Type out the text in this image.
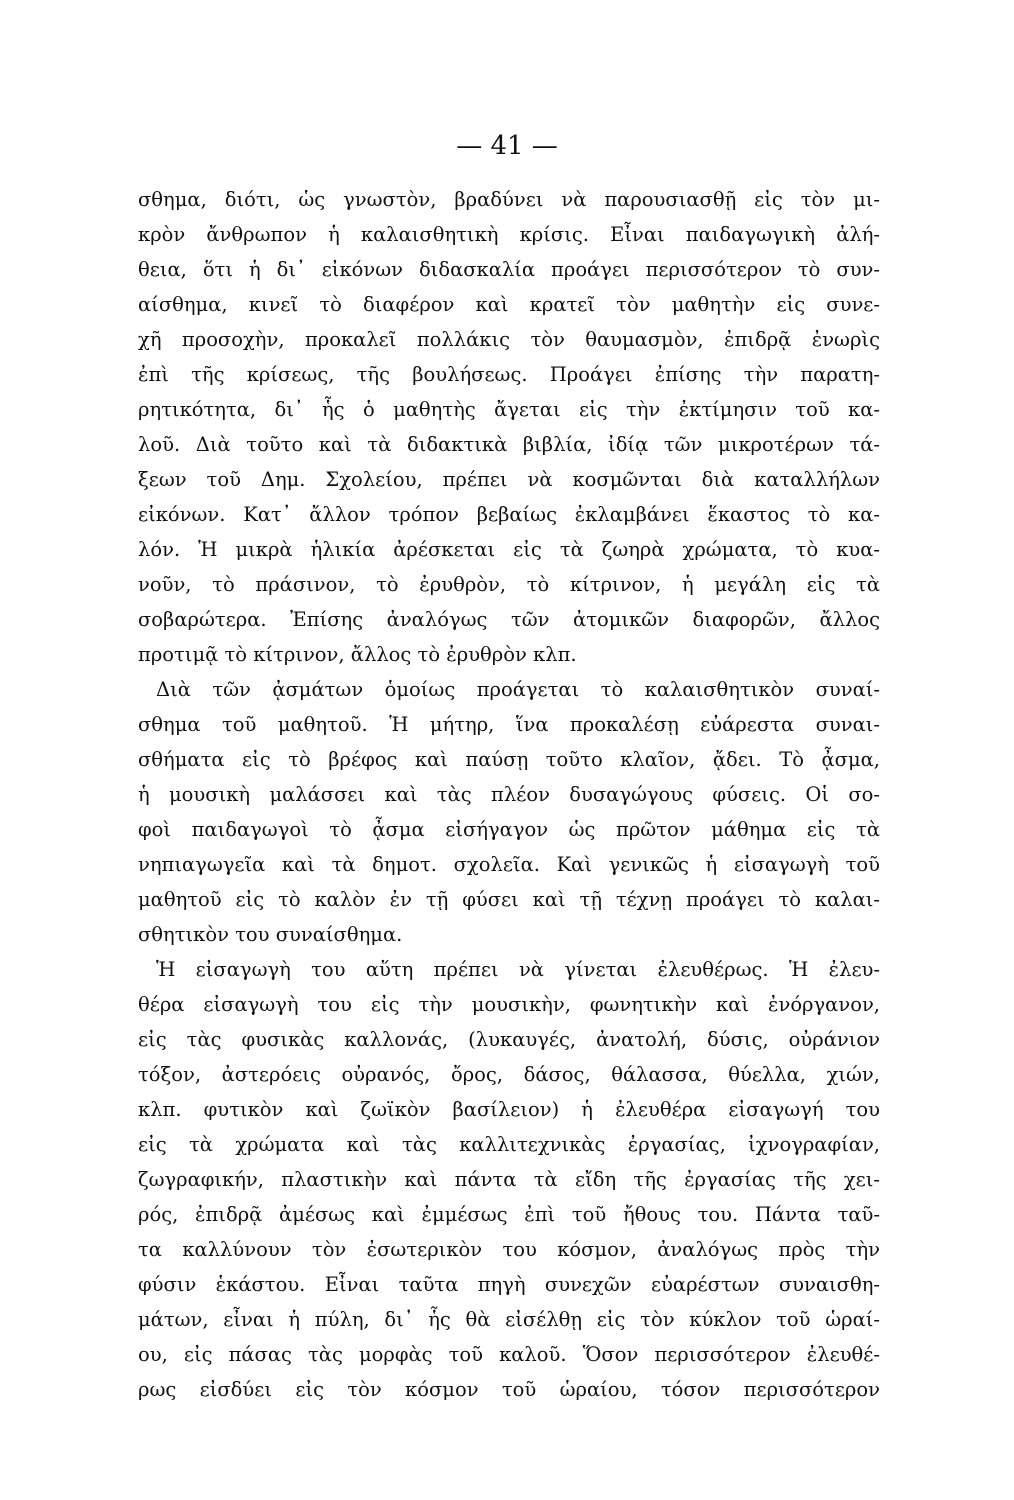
— 41 —
σθημα, διότι, ὡς γνωστὸν, βραδύνει νὰ παρουσιασθῇ εἰς τὸν μι-
κρὸν ἄνθρωπον ἡ καλαισθητικὴ κρίσις. Εἶναι παιδαγωγικὴ ἀλή-
θεια, ὅτι ἡ δι᾽ εἰκόνων διδασκαλία προάγει περισσότερον τὸ συν-
αίσθημα, κινεῖ τὸ διαφέρον καὶ κρατεῖ τὸν μαθητὴν εἰς συνε-
χῆ προσοχὴν, προκαλεῖ πολλάκις τὸν θαυμασμὸν, ἐπιδρᾷ ἐνωρὶς
ἐπὶ τῆς κρίσεως, τῆς βουλήσεως. Προάγει ἐπίσης τὴν παρατη-
ρητικότητα, δι᾽ ἧς ὁ μαθητὴς ἄγεται εἰς τὴν ἐκτίμησιν τοῦ κα-
λοῦ. Διὰ τοῦτο καὶ τὰ διδακτικὰ βιβλία, ἰδίᾳ τῶν μικροτέρων τά-
ξεων τοῦ Δημ. Σχολείου, πρέπει νὰ κοσμῶνται διὰ καταλλήλων
εἰκόνων. Κατ᾽ ἄλλον τρόπον βεβαίως ἐκλαμβάνει ἕκαστος τὸ κα-
λόν. Ἡ μικρὰ ἡλικία ἀρέσκεται εἰς τὰ ζωηρὰ χρώματα, τὸ κυα-
νοῦν, τὸ πράσινον, τὸ ἐρυθρὸν, τὸ κίτρινον, ἡ μεγάλη εἰς τὰ
σοβαρώτερα. Ἐπίσης ἀναλόγως τῶν ἀτομικῶν διαφορῶν, ἄλλος
προτιμᾷ τὸ κίτρινον, ἄλλος τὸ ἐρυθρὸν κλπ.
Διὰ τῶν ᾀσμάτων ὁμοίως προάγεται τὸ καλαισθητικὸν συναί-
σθημα τοῦ μαθητοῦ. Ἡ μήτηρ, ἵνα προκαλέσῃ εὐάρεστα συναι-
σθήματα εἰς τὸ βρέφος καὶ παύσῃ τοῦτο κλαῖον, ᾄδει. Τὸ ᾆσμα,
ἡ μουσικὴ μαλάσσει καὶ τὰς πλέον δυσαγώγους φύσεις. Οἱ σο-
φοὶ παιδαγωγοὶ τὸ ᾆσμα εἰσήγαγον ὡς πρῶτον μάθημα εἰς τὰ
νηπιαγωγεῖα καὶ τὰ δημοτ. σχολεῖα. Καὶ γενικῶς ἡ εἰσαγωγὴ τοῦ
μαθητοῦ εἰς τὸ καλὸν ἐν τῇ φύσει καὶ τῇ τέχνῃ προάγει τὸ καλαι-
σθητικὸν του συναίσθημα.
Ἡ εἰσαγωγὴ του αὕτη πρέπει νὰ γίνεται ἐλευθέρως. Ἡ ἐλευ-
θέρα εἰσαγωγὴ του εἰς τὴν μουσικὴν, φωνητικὴν καὶ ἐνόργανον,
εἰς τὰς φυσικὰς καλλονάς, (λυκαυγές, ἀνατολή, δύσις, οὐράνιον
τόξον, ἀστερόεις οὐρανός, ὄρος, δάσος, θάλασσα, θύελλα, χιών,
κλπ. φυτικὸν καὶ ζωϊκὸν βασίλειον) ἡ ἐλευθέρα εἰσαγωγή του
εἰς τὰ χρώματα καὶ τὰς καλλιτεχνικὰς ἐργασίας, ἰχνογραφίαν,
ζωγραφικήν, πλαστικὴν καὶ πάντα τὰ εἴδη τῆς ἐργασίας τῆς χει-
ρός, ἐπιδρᾷ ἀμέσως καὶ ἐμμέσως ἐπὶ τοῦ ἤθους του. Πάντα ταῦ-
τα καλλύνουν τὸν ἐσωτερικὸν του κόσμον, ἀναλόγως πρὸς τὴν
φύσιν ἑκάστου. Εἶναι ταῦτα πηγὴ συνεχῶν εὐαρέστων συναισθη-
μάτων, εἶναι ἡ πύλη, δι᾽ ἧς θὰ εἰσέλθῃ εἰς τὸν κύκλον τοῦ ὡραί-
ου, εἰς πάσας τὰς μορφὰς τοῦ καλοῦ. Ὅσον περισσότερον ἐλευθέ-
ρως εἰσδύει εἰς τὸν κόσμον τοῦ ὡραίου, τόσον περισσότερον
